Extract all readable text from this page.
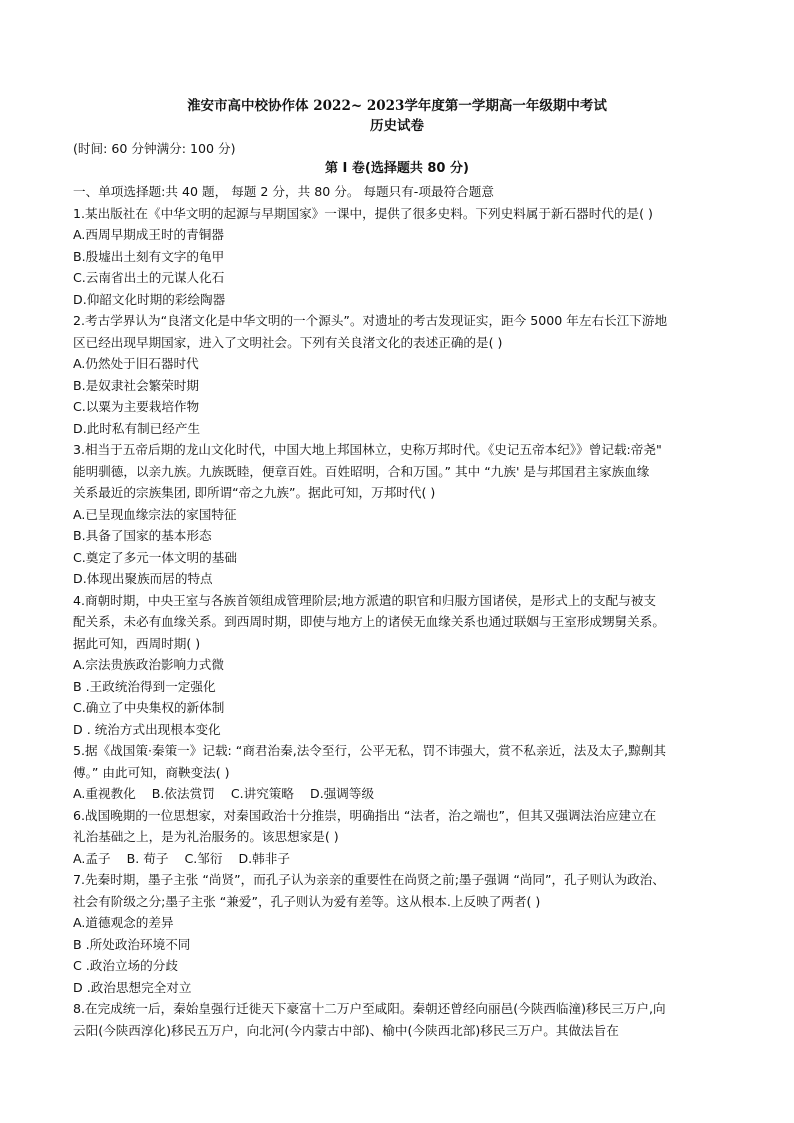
淮安市高中校协作体 2022~ 2023学年度第一学期高一年级期中考试
历史试卷
(时间: 60 分钟满分: 100 分)
第 I 卷(选择题共 80 分)
一、单项选择题:共 40 题， 每题 2 分，共 80 分。 每题只有-项最符合题意
1.某出版社在《中华文明的起源与早期国家》一课中，提供了很多史料。下列史料属于新石器时代的是( )
A.西周早期成王时的青铜器
B.殷墟出土刻有文字的龟甲
C.云南省出土的元谋人化石
D.仰韶文化时期的彩绘陶器
2.考古学界认为“良渚文化是中华文明的一个源头”。对遗址的考古发现证实，距今 5000 年左右长江下游地
区已经出现早期国家，进入了文明社会。下列有关良渚文化的表述正确的是( )
A.仍然处于旧石器时代
B.是奴隶社会繁荣时期
C.以粟为主要栽培作物
D.此时私有制已经产生
3.相当于五帝后期的龙山文化时代，中国大地上邦国林立，史称万邦时代。《史记五帝本纪》》曾记载:帝尧"
能明驯德，以亲九族。九族既睦，便章百姓。百姓昭明，合和万国。” 其中 “九族' 是与邦国君主家族血缘
关系最近的宗族集团, 即所谓“帝之九族”。据此可知，万邦时代( )
A.已呈现血缘宗法的家国特征
B.具备了国家的基本形态
C.奠定了多元一体文明的基础
D.体现出聚族而居的特点
4.商朝时期，中央王室与各族首领组成管理阶层;地方派遣的职官和归服方国诸侯，是形式上的支配与被支
配关系，未必有血缘关系。到西周时期，即使与地方上的诸侯无血缘关系也通过联姻与王室形成甥舅关系。
据此可知，西周时期( )
A.宗法贵族政治影响力式微
B .王政统治得到一定强化
C.确立了中央集权的新体制
D . 统治方式出现根本变化
5.据《战国策·秦策一》记载: “商君治秦,法令至行，公平无私，罚不讳强大，赏不私亲近，法及太子,黥劓其
傅。” 由此可知，商鞅变法( )
A.重视教化    B.依法赏罚    C.讲究策略    D.强调等级
6.战国晚期的一位思想家，对秦国政治十分推崇，明确指出 “法者，治之端也”，但其又强调法治应建立在
礼治基础之上，是为礼治服务的。该思想家是( )
A.孟子    B. 荀子    C.邹衍    D.韩非子
7.先秦时期，墨子主张 “尚贤”，而孔子认为亲亲的重要性在尚贤之前;墨子强调 “尚同”，孔子则认为政治、
社会有阶级之分;墨子主张 “兼爱”，孔子则认为爱有差等。这从根本.上反映了两者( )
A.道德观念的差异
B .所处政治环境不同
C .政治立场的分歧
D .政治思想完全对立
8.在完成统一后，秦始皇强行迁徙天下豪富十二万户至咸阳。秦朝还曾经向丽邑(今陕西临潼)移民三万户,向
云阳(今陕西淳化)移民五万户，向北河(今内蒙古中部)、榆中(今陕西北部)移民三万户。其做法旨在
